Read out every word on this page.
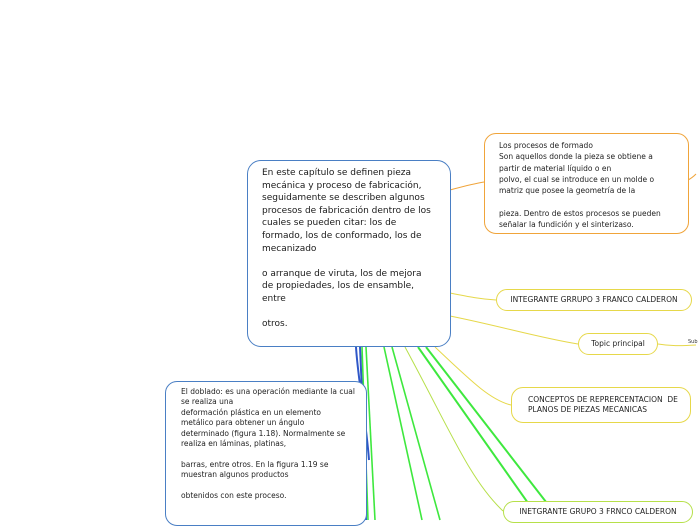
En este capítulo se definen pieza
mecánica y proceso de fabricación,
seguidamente se describen algunos
procesos de fabricación dentro de los
cuales se pueden citar: los de
formado, los de conformado, los de
mecanizado

o arranque de viruta, los de mejora
de propiedades, los de ensamble,
entre

otros.
Los procesos de formado
Son aquellos donde la pieza se obtiene a
partir de material líquido o en
polvo, el cual se introduce en un molde o
matriz que posee la geometría de la

pieza. Dentro de estos procesos se pueden
señalar la fundición y el sinterizaso.
INTEGRANTE GRRUPO 3 FRANCO CALDERON
Topic principal	Sub
CONCEPTOS DE REPRERCENTACION  DE
PLANOS DE PIEZAS MECANICAS
INETGRANTE GRUPO 3 FRNCO CALDERON
El doblado: es una operación mediante la cual
se realiza una
deformación plástica en un elemento
metálico para obtener un ángulo
determinado (figura 1.18). Normalmente se
realiza en láminas, platinas,

barras, entre otros. En la figura 1.19 se
muestran algunos productos

obtenidos con este proceso.
